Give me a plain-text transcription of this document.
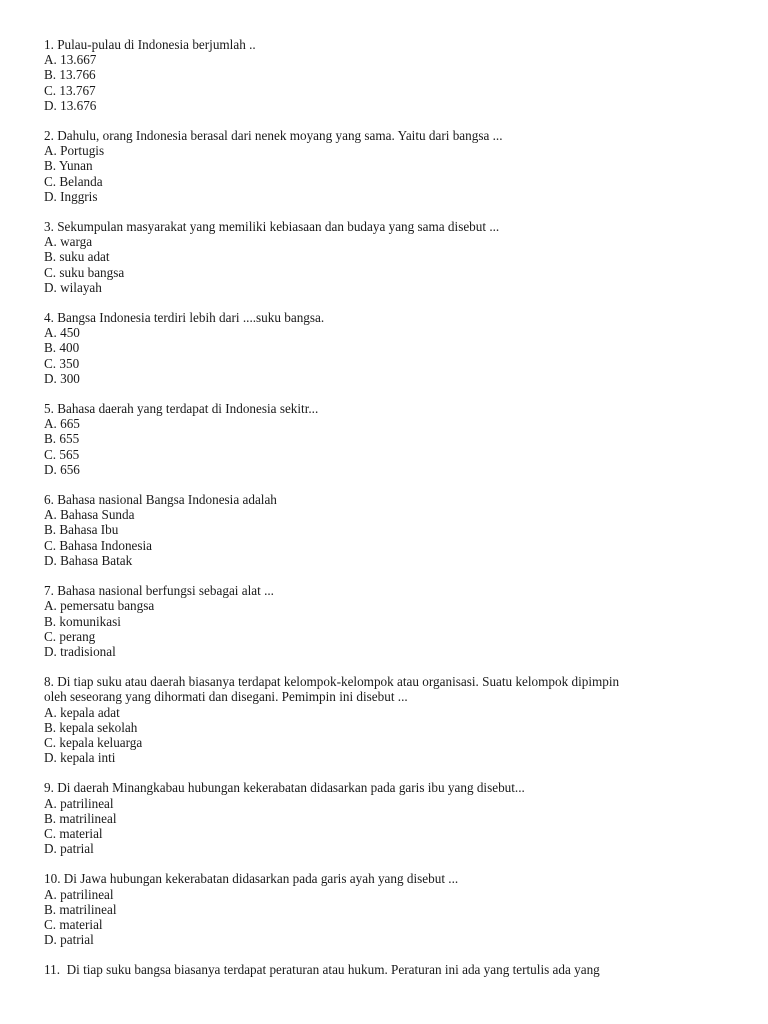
1. Pulau-pulau di Indonesia berjumlah ..
A. 13.667
B. 13.766
C. 13.767
D. 13.676
2. Dahulu, orang Indonesia berasal dari nenek moyang yang sama. Yaitu dari bangsa ...
A. Portugis
B. Yunan
C. Belanda
D. Inggris
3. Sekumpulan masyarakat yang memiliki kebiasaan dan budaya yang sama disebut ...
A. warga
B. suku adat
C. suku bangsa
D. wilayah
4. Bangsa Indonesia terdiri lebih dari ....suku bangsa.
A. 450
B. 400
C. 350
D. 300
5. Bahasa daerah yang terdapat di Indonesia sekitr...
A. 665
B. 655
C. 565
D. 656
6. Bahasa nasional Bangsa Indonesia adalah
A. Bahasa Sunda
B. Bahasa Ibu
C. Bahasa Indonesia
D. Bahasa Batak
7. Bahasa nasional berfungsi sebagai alat ...
A. pemersatu bangsa
B. komunikasi
C. perang
D. tradisional
8. Di tiap suku atau daerah biasanya terdapat kelompok-kelompok atau organisasi. Suatu kelompok dipimpin
oleh seseorang yang dihormati dan disegani. Pemimpin ini disebut ...
A. kepala adat
B. kepala sekolah
C. kepala keluarga
D. kepala inti
9. Di daerah Minangkabau hubungan kekerabatan didasarkan pada garis ibu yang disebut...
A. patrilineal
B. matrilineal
C. material
D. patrial
10. Di Jawa hubungan kekerabatan didasarkan pada garis ayah yang disebut ...
A. patrilineal
B. matrilineal
C. material
D. patrial
11.  Di tiap suku bangsa biasanya terdapat peraturan atau hukum. Peraturan ini ada yang tertulis ada yang
